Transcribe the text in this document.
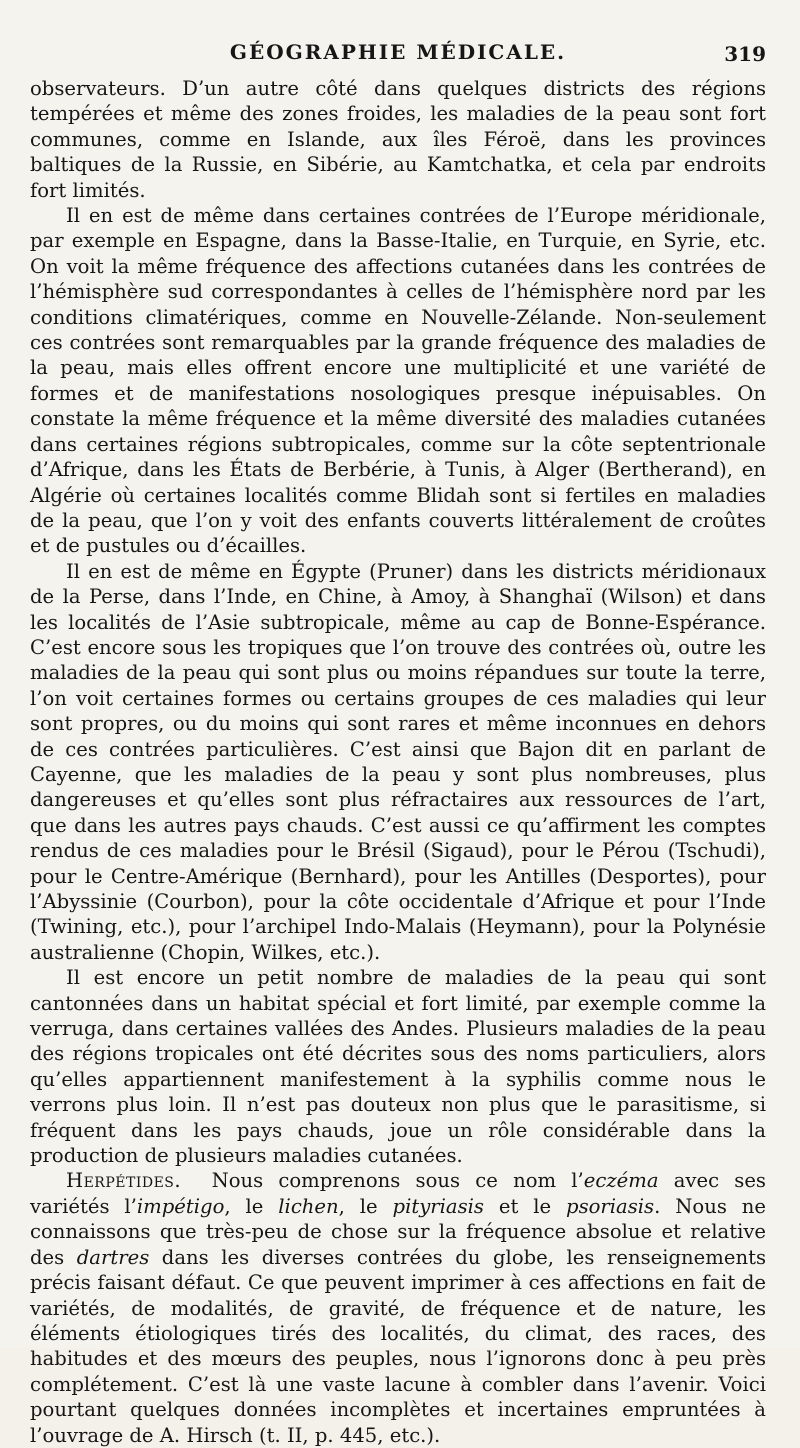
GÉOGRAPHIE MÉDICALE.	319

observateurs. D’un autre côté dans quelques districts des régions tempérées et même des zones froides, les maladies de la peau sont fort communes, comme en Islande, aux îles Féroë, dans les provinces baltiques de la Russie, en Sibérie, au Kamtchatka, et cela par endroits fort limités.

Il en est de même dans certaines contrées de l’Europe méridionale, par exemple en Espagne, dans la Basse-Italie, en Turquie, en Syrie, etc. On voit la même fréquence des affections cutanées dans les contrées de l’hémisphère sud correspondantes à celles de l’hémisphère nord par les conditions climatériques, comme en Nouvelle-Zélande. Non-seulement ces contrées sont remarquables par la grande fréquence des maladies de la peau, mais elles offrent encore une multiplicité et une variété de formes et de manifestations nosologiques presque inépuisables. On constate la même fréquence et la même diversité des maladies cutanées dans certaines régions subtropicales, comme sur la côte septentrionale d’Afrique, dans les États de Berbérie, à Tunis, à Alger (Bertherand), en Algérie où certaines localités comme Blidah sont si fertiles en maladies de la peau, que l’on y voit des enfants couverts littéralement de croûtes et de pustules ou d’écailles.

Il en est de même en Égypte (Pruner) dans les districts méridionaux de la Perse, dans l’Inde, en Chine, à Amoy, à Shanghaï (Wilson) et dans les localités de l’Asie subtropicale, même au cap de Bonne-Espérance. C’est encore sous les tropiques que l’on trouve des contrées où, outre les maladies de la peau qui sont plus ou moins répandues sur toute la terre, l’on voit certaines formes ou certains groupes de ces maladies qui leur sont propres, ou du moins qui sont rares et même inconnues en dehors de ces contrées particulières. C’est ainsi que Bajon dit en parlant de Cayenne, que les maladies de la peau y sont plus nombreuses, plus dangereuses et qu’elles sont plus réfractaires aux ressources de l’art, que dans les autres pays chauds. C’est aussi ce qu’affirment les comptes rendus de ces maladies pour le Brésil (Sigaud), pour le Pérou (Tschudi), pour le Centre-Amérique (Bernhard), pour les Antilles (Desportes), pour l’Abyssinie (Courbon), pour la côte occidentale d’Afrique et pour l’Inde (Twining, etc.), pour l’archipel Indo-Malais (Heymann), pour la Polynésie australienne (Chopin, Wilkes, etc.).

Il est encore un petit nombre de maladies de la peau qui sont cantonnées dans un habitat spécial et fort limité, par exemple comme la verruga, dans certaines vallées des Andes. Plusieurs maladies de la peau des régions tropicales ont été décrites sous des noms particuliers, alors qu’elles appartiennent manifestement à la syphilis comme nous le verrons plus loin. Il n’est pas douteux non plus que le parasitisme, si fréquent dans les pays chauds, joue un rôle considérable dans la production de plusieurs maladies cutanées.

Herpétides. Nous comprenons sous ce nom l’eczéma avec ses variétés l’impétigo, le lichen, le pityriasis et le psoriasis. Nous ne connaissons que très-peu de chose sur la fréquence absolue et relative des dartres dans les diverses contrées du globe, les renseignements précis faisant défaut. Ce que peuvent imprimer à ces affections en fait de variétés, de modalités, de gravité, de fréquence et de nature, les éléments étiologiques tirés des localités, du climat, des races, des habitudes et des mœurs des peuples, nous l’ignorons donc à peu près complétement. C’est là une vaste lacune à combler dans l’avenir. Voici pourtant quelques données incomplètes et incertaines empruntées à l’ouvrage de A. Hirsch (t. II, p. 445, etc.).
